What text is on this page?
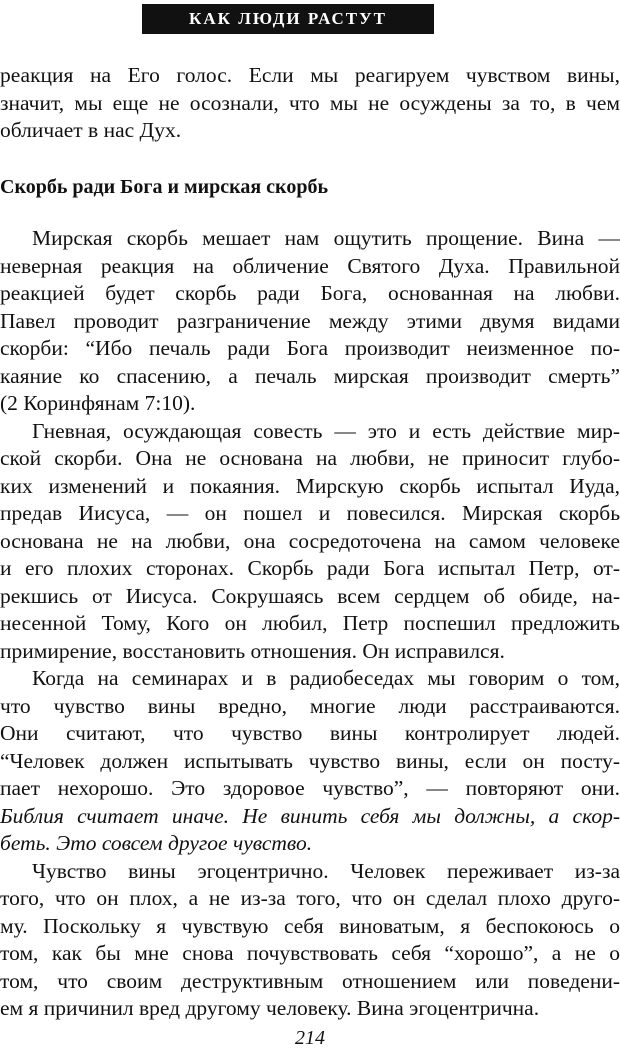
КАК ЛЮДИ РАСТУТ
реакция на Его голос. Если мы реагируем чувством вины,
значит, мы еще не осознали, что мы не осуждены за то, в чем
обличает в нас Дух.
Скорбь ради Бога и мирская скорбь
Мирская скорбь мешает нам ощутить прощение. Вина —
неверная реакция на обличение Святого Духа. Правильной
реакцией будет скорбь ради Бога, основанная на любви.
Павел проводит разграничение между этими двумя видами
скорби: “Ибо печаль ради Бога производит неизменное по-
каяние ко спасению, а печаль мирская производит смерть”
(2 Коринфянам 7:10).
Гневная, осуждающая совесть — это и есть действие мир-
ской скорби. Она не основана на любви, не приносит глубо-
ких изменений и покаяния. Мирскую скорбь испытал Иуда,
предав Иисуса, — он пошел и повесился. Мирская скорбь
основана не на любви, она сосредоточена на самом человеке
и его плохих сторонах. Скорбь ради Бога испытал Петр, от-
рекшись от Иисуса. Сокрушаясь всем сердцем об обиде, на-
несенной Тому, Кого он любил, Петр поспешил предложить
примирение, восстановить отношения. Он исправился.
Когда на семинарах и в радиобеседах мы говорим о том,
что чувство вины вредно, многие люди расстраиваются.
Они считают, что чувство вины контролирует людей.
“Человек должен испытывать чувство вины, если он посту-
пает нехорошо. Это здоровое чувство”, — повторяют они.
Библия считает иначе. Не винить себя мы должны, а скор-
беть. Это совсем другое чувство.
Чувство вины эгоцентрично. Человек переживает из-за
того, что он плох, а не из-за того, что он сделал плохо друго-
му. Поскольку я чувствую себя виноватым, я беспокоюсь о
том, как бы мне снова почувствовать себя “хорошо”, а не о
том, что своим деструктивным отношением или поведени-
ем я причинил вред другому человеку. Вина эгоцентрична.
214
